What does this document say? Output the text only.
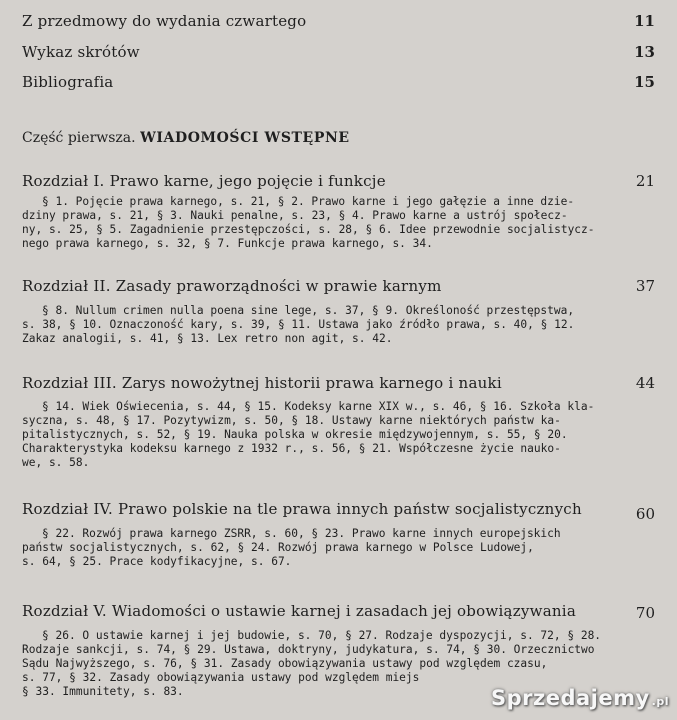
Z przedmowy do wydania czwartego	11
Wykaz skrótów	13
Bibliografia	15
Część pierwsza. WIADOMOŚCI WSTĘPNE
Rozdział I. Prawo karne, jego pojęcie i funkcje	21
§ 1. Pojęcie prawa karnego, s. 21, § 2. Prawo karne i jego gałęzie a inne dzie-
dziny prawa, s. 21, § 3. Nauki penalne, s. 23, § 4. Prawo karne a ustrój społecz-
ny, s. 25, § 5. Zagadnienie przestępczości, s. 28, § 6. Idee przewodnie socjalistycz-
nego prawa karnego, s. 32, § 7. Funkcje prawa karnego, s. 34.
Rozdział II. Zasady praworządności w prawie karnym	37
§ 8. Nullum crimen nulla poena sine lege, s. 37, § 9. Określoność przestępstwa,
s. 38, § 10. Oznaczoność kary, s. 39, § 11. Ustawa jako źródło prawa, s. 40, § 12.
Zakaz analogii, s. 41, § 13. Lex retro non agit, s. 42.
Rozdział III. Zarys nowożytnej historii prawa karnego i nauki	44
§ 14. Wiek Oświecenia, s. 44, § 15. Kodeksy karne XIX w., s. 46, § 16. Szkoła kla-
syczna, s. 48, § 17. Pozytywizm, s. 50, § 18. Ustawy karne niektórych państw ka-
pitalistycznych, s. 52, § 19. Nauka polska w okresie międzywojennym, s. 55, § 20.
Charakterystyka kodeksu karnego z 1932 r., s. 56, § 21. Współczesne życie nauko-
we, s. 58.
Rozdział IV. Prawo polskie na tle prawa innych państw socjalistycznych	60
§ 22. Rozwój prawa karnego ZSRR, s. 60, § 23. Prawo karne innych europejskich
państw socjalistycznych, s. 62, § 24. Rozwój prawa karnego w Polsce Ludowej,
s. 64, § 25. Prace kodyfikacyjne, s. 67.
Rozdział V. Wiadomości o ustawie karnej i zasadach jej obowiązywania	70
§ 26. O ustawie karnej i jej budowie, s. 70, § 27. Rodzaje dyspozycji, s. 72, § 28.
Rodzaje sankcji, s. 74, § 29. Ustawa, doktryny, judykatura, s. 74, § 30. Orzecznictwo
Sądu Najwyższego, s. 76, § 31. Zasady obowiązywania ustawy pod względem czasu,
s. 77, § 32. Zasady obowiązywania ustawy pod względem miejs
§ 33. Immunitety, s. 83.	Sprzedajemy .pl
